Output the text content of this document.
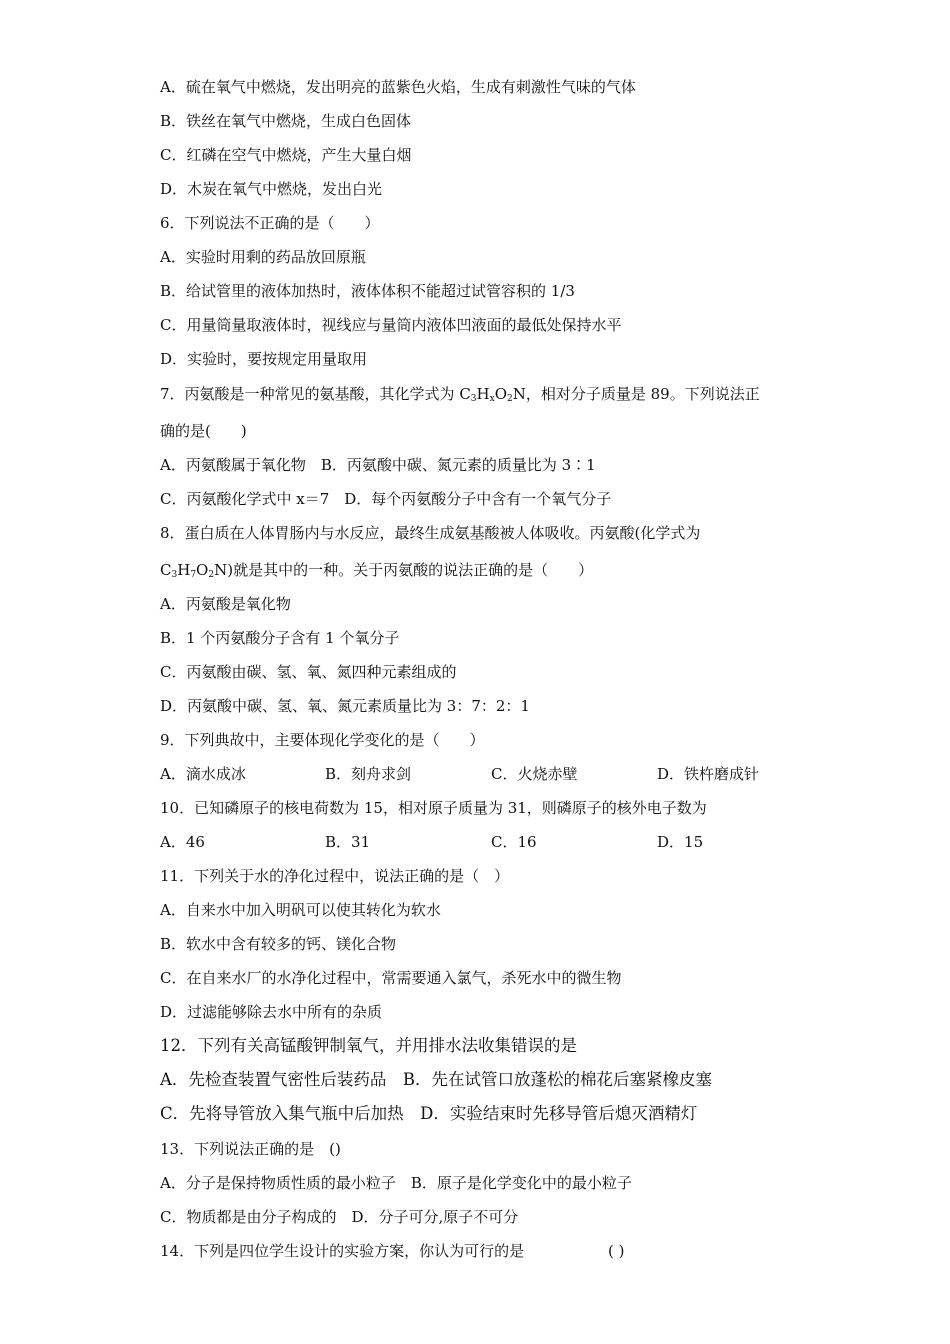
A．硫在氧气中燃烧，发出明亮的蓝紫色火焰，生成有刺激性气味的气体
B．铁丝在氧气中燃烧，生成白色固体
C．红磷在空气中燃烧，产生大量白烟
D．木炭在氧气中燃烧，发出白光
6．下列说法不正确的是（　　）
A．实验时用剩的药品放回原瓶
B．给试管里的液体加热时，液体体积不能超过试管容积的 1/3
C．用量筒量取液体时，视线应与量筒内液体凹液面的最低处保持水平
D．实验时，要按规定用量取用
7．丙氨酸是一种常见的氨基酸，其化学式为 $C_3H_xO_2N$，相对分子质量是 89。下列说法正
确的是(　　)
A．丙氨酸属于氧化物　B．丙氨酸中碳、氮元素的质量比为 3∶1
C．丙氨酸化学式中 x＝7　D．每个丙氨酸分子中含有一个氧气分子
8．蛋白质在人体胃肠内与水反应，最终生成氨基酸被人体吸收。丙氨酸(化学式为
$C_3H_7O_2N$)就是其中的一种。关于丙氨酸的说法正确的是（　　）
A．丙氨酸是氧化物
B．1 个丙氨酸分子含有 1 个氧分子
C．丙氨酸由碳、氢、氧、氮四种元素组成的
D．丙氨酸中碳、氢、氧、氮元素质量比为 3：7：2：1
9．下列典故中，主要体现化学变化的是（　　）
A．滴水成冰	B．刻舟求剑	C．火烧赤壁	D．铁杵磨成针
10．已知磷原子的核电荷数为 15，相对原子质量为 31，则磷原子的核外电子数为
A．46	B．31	C．16	D．15
11．下列关于水的净化过程中，说法正确的是（　）
A．自来水中加入明矾可以使其转化为软水
B．软水中含有较多的钙、镁化合物
C．在自来水厂的水净化过程中，常需要通入氯气，杀死水中的微生物
D．过滤能够除去水中所有的杂质
12．下列有关高锰酸钾制氧气，并用排水法收集错误的是
A．先检查装置气密性后装药品　B．先在试管口放蓬松的棉花后塞紧橡皮塞
C．先将导管放入集气瓶中后加热　D．实验结束时先移导管后熄灭酒精灯
13．下列说法正确的是　()
A．分子是保持物质性质的最小粒子　B．原子是化学变化中的最小粒子
C．物质都是由分子构成的　D．分子可分,原子不可分
14．下列是四位学生设计的实验方案，你认为可行的是	( )
